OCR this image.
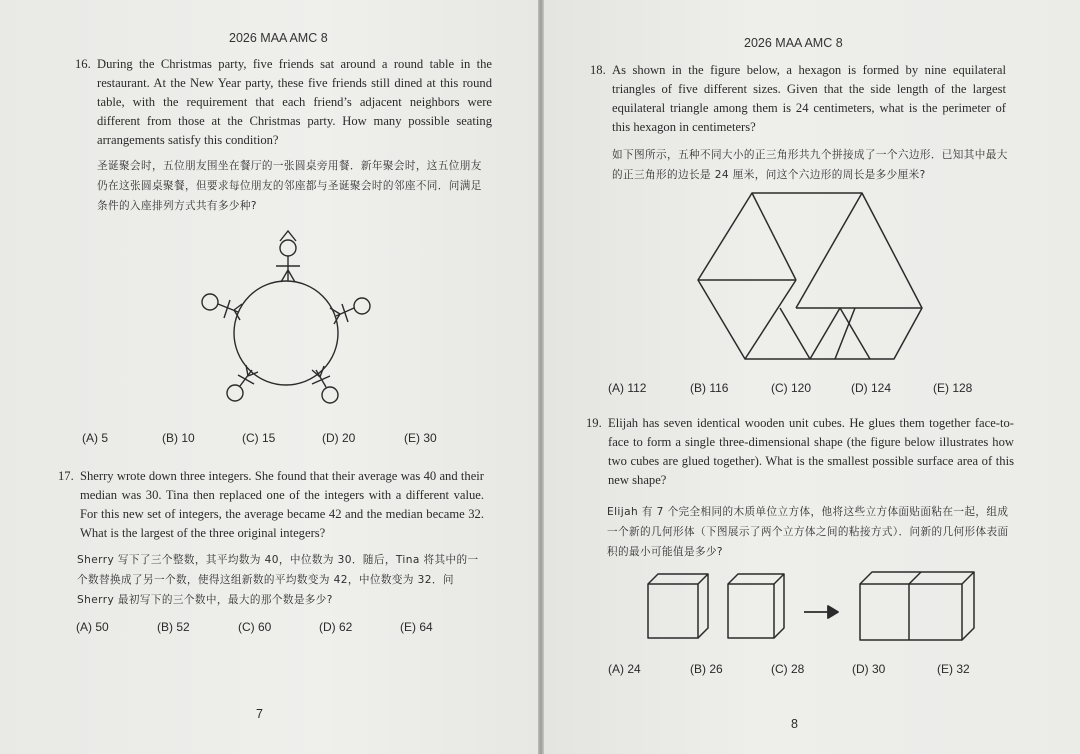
2026 MAA AMC 8
16. During the Christmas party, five friends sat around a round table in the restaurant. At the New Year party, these five friends still dined at this round table, with the requirement that each friend’s adjacent neighbors were different from those at the Christmas party. How many possible seating arrangements satisfy this condition?
圣诞聚会时，五位朋友围坐在餐厅的一张圆桌旁用餐．新年聚会时，这五位朋友仍在这张圆桌聚餐，但要求每位朋友的邻座都与圣诞聚会时的邻座不同．问满足条件的入座排列方式共有多少种?
(A) 5	(B) 10	(C) 15	(D) 20	(E) 30
17. Sherry wrote down three integers. She found that their average was 40 and their median was 30. Tina then replaced one of the integers with a different value. For this new set of integers, the average became 42 and the median became 32. What is the largest of the three original integers?
Sherry 写下了三个整数，其平均数为 40，中位数为 30．随后，Tina 将其中的一个数替换成了另一个数，使得这组新数的平均数变为 42，中位数变为 32．问 Sherry 最初写下的三个数中，最大的那个数是多少?
(A) 50	(B) 52	(C) 60	(D) 62	(E) 64
7
2026 MAA AMC 8
18. As shown in the figure below, a hexagon is formed by nine equilateral triangles of five different sizes. Given that the side length of the largest equilateral triangle among them is 24 centimeters, what is the perimeter of this hexagon in centimeters?
如下图所示，五种不同大小的正三角形共九个拼接成了一个六边形．已知其中最大的正三角形的边长是 24 厘米，问这个六边形的周长是多少厘米?
(A) 112	(B) 116	(C) 120	(D) 124	(E) 128
19. Elijah has seven identical wooden unit cubes. He glues them together face-to-face to form a single three-dimensional shape (the figure below illustrates how two cubes are glued together). What is the smallest possible surface area of this new shape?
Elijah 有 7 个完全相同的木质单位立方体，他将这些立方体面贴面粘在一起，组成一个新的几何形体（下图展示了两个立方体之间的粘接方式）．问新的几何形体表面积的最小可能值是多少?
(A) 24	(B) 26	(C) 28	(D) 30	(E) 32
8
